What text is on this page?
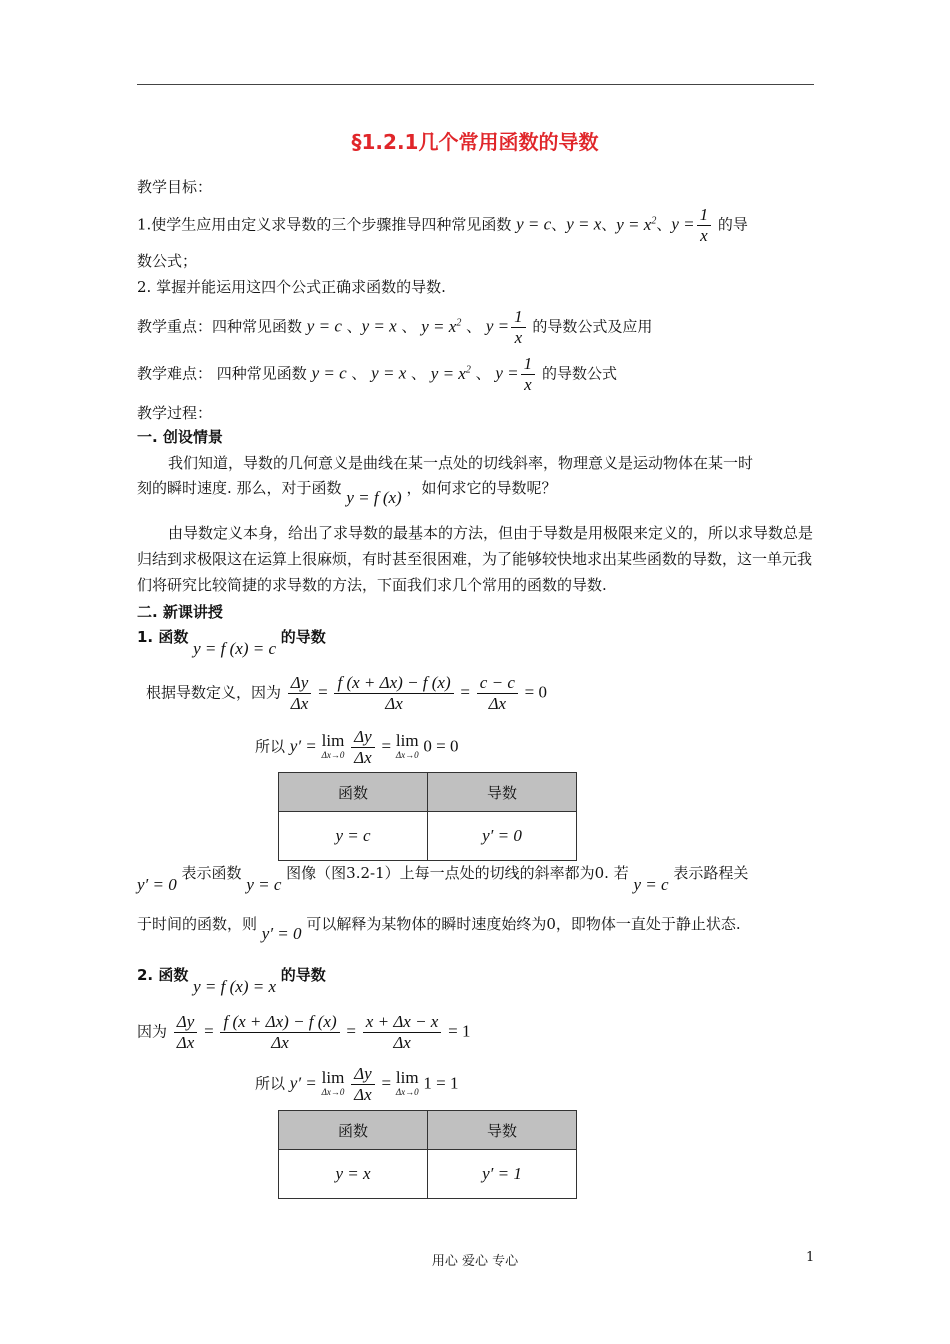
§1.2.1几个常用函数的导数
教学目标：
1.使学生应用由定义求导数的三个步骤推导四种常见函数 y = c、y = x、$y = x^2$、$y = \frac{1}{x}$ 的导
数公式；
2. 掌握并能运用这四个公式正确求函数的导数.
教学重点：四种常见函数 y = c 、y = x 、 $y = x^2$ 、 $y = \frac{1}{x}$ 的导数公式及应用
教学难点： 四种常见函数 y = c 、 y = x 、 $y = x^2$ 、 $y = \frac{1}{x}$ 的导数公式
教学过程：
一. 创设情景
我们知道，导数的几何意义是曲线在某一点处的切线斜率，物理意义是运动物体在某一时
刻的瞬时速度. 那么，对于函数 y = f (x) ，如何求它的导数呢？
由导数定义本身，给出了求导数的最基本的方法，但由于导数是用极限来定义的，所以求导数总是归结到求极限这在运算上很麻烦，有时甚至很困难，为了能够较快地求出某些函数的导数，这一单元我们将研究比较简捷的求导数的方法，下面我们求几个常用的函数的导数.
二. 新课讲授
1. 函数 y = f (x) = c 的导数
根据导数定义，因为 $\frac{\Delta y}{\Delta x} = \frac{f (x + \Delta x) - f (x)}{\Delta x} = \frac{c - c}{\Delta x} = 0$
所以 y′ = lim
Δx→0
$\frac{\Delta y}{\Delta x} = \lim$
Δx→0 0 = 0
函数	导数
y = c	y′ = 0
y′ = 0 表示函数 y = c 图像（图3.2-1）上每一点处的切线的斜率都为0. 若 y = c 表示路程关
于时间的函数，则 y′ = 0 可以解释为某物体的瞬时速度始终为0，即物体一直处于静止状态.
2. 函数 y = f (x) = x 的导数
因为 $\frac{\Delta y}{\Delta x} = \frac{f (x + \Delta x) - f (x)}{\Delta x} = \frac{x + \Delta x - x}{\Delta x} = 1$
所以 y′ = lim
Δx→0
$\frac{\Delta y}{\Delta x} = \lim$
Δx→0 1 = 1
函数	导数
y = x	y′ = 1
用心 爱心 专心	1
